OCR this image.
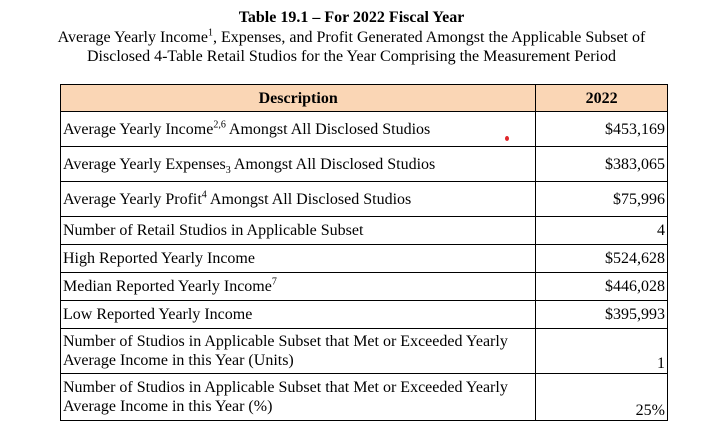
Table 19.1 – For 2022 Fiscal Year
Average Yearly Income$^1$, Expenses, and Profit Generated Amongst the Applicable Subset of Disclosed 4-Table Retail Studios for the Year Comprising the Measurement Period
Description	2022
Average Yearly Income$^{2,6}$ Amongst All Disclosed Studios	$453,169
Average Yearly Expenses$_3$ Amongst All Disclosed Studios	$383,065
Average Yearly Profit$^4$ Amongst All Disclosed Studios	$75,996
Number of Retail Studios in Applicable Subset	4
High Reported Yearly Income	$524,628
Median Reported Yearly Income$^7$	$446,028
Low Reported Yearly Income	$395,993
Number of Studios in Applicable Subset that Met or Exceeded Yearly Average Income in this Year (Units)	1
Number of Studios in Applicable Subset that Met or Exceeded Yearly Average Income in this Year (%)	25%
